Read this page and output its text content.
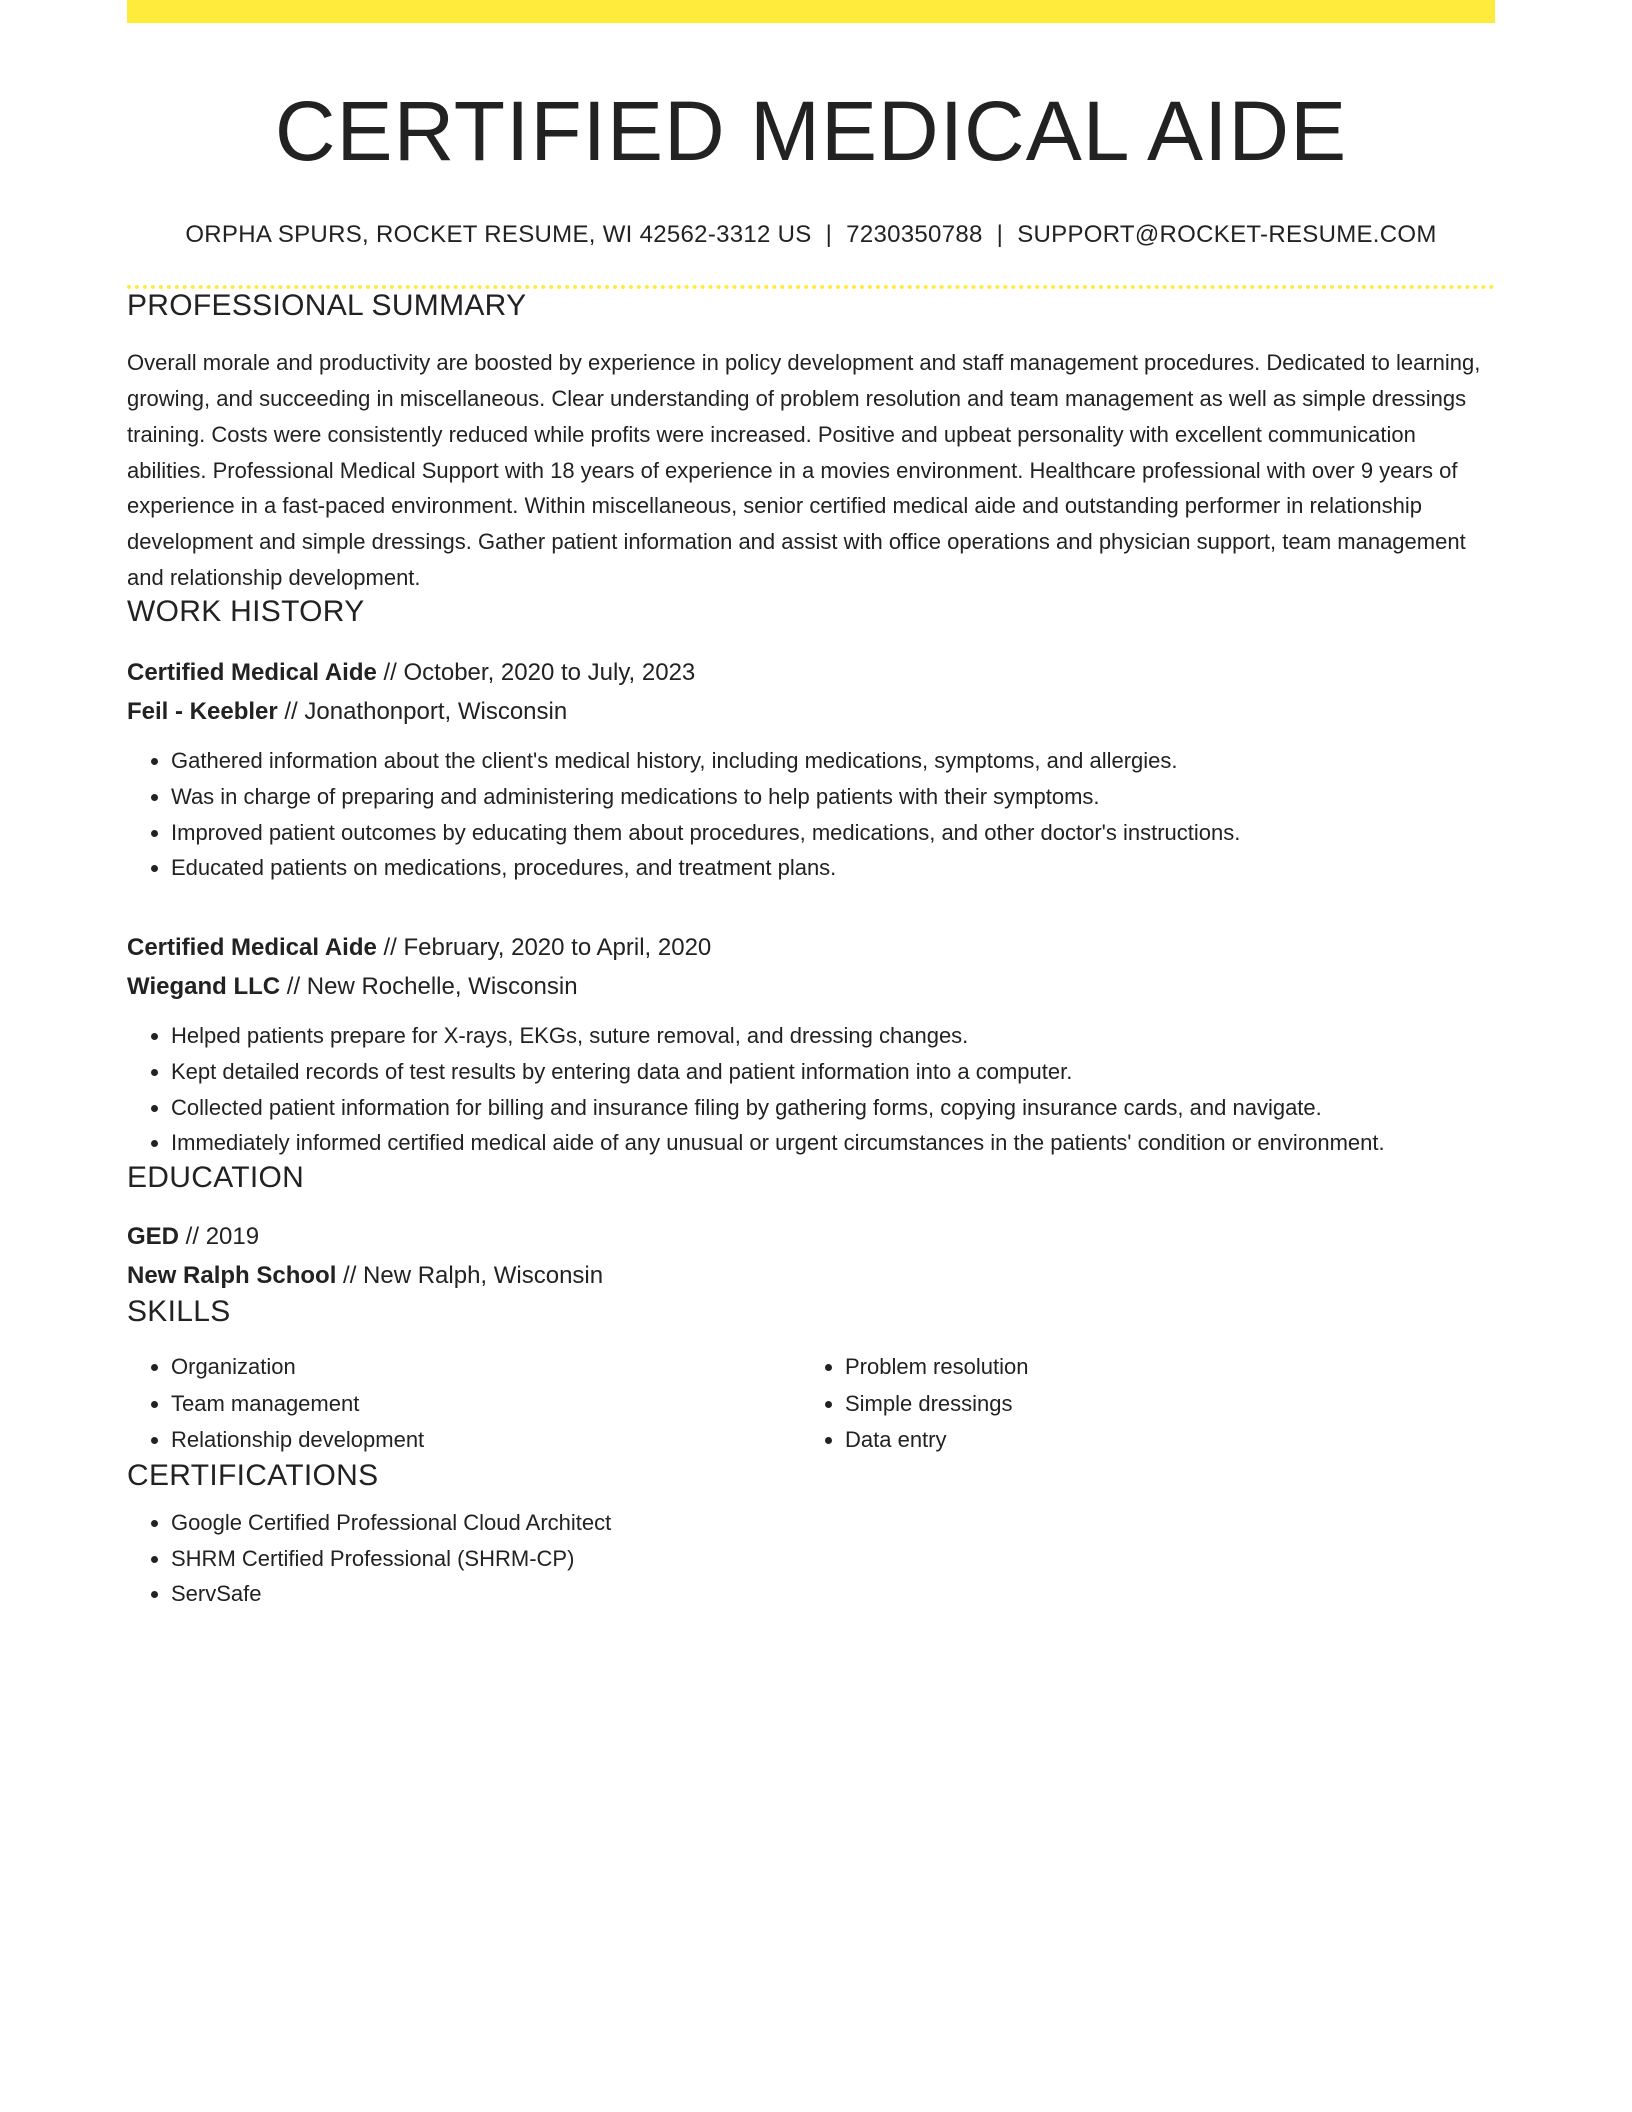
CERTIFIED MEDICAL AIDE
ORPHA SPURS, ROCKET RESUME, WI 42562-3312 US | 7230350788 | SUPPORT@ROCKET-RESUME.COM
PROFESSIONAL SUMMARY

Overall morale and productivity are boosted by experience in policy development and staff management procedures. Dedicated to learning, growing, and succeeding in miscellaneous. Clear understanding of problem resolution and team management as well as simple dressings training. Costs were consistently reduced while profits were increased. Positive and upbeat personality with excellent communication abilities. Professional Medical Support with 18 years of experience in a movies environment. Healthcare professional with over 9 years of experience in a fast-paced environment. Within miscellaneous, senior certified medical aide and outstanding performer in relationship development and simple dressings. Gather patient information and assist with office operations and physician support, team management and relationship development.

WORK HISTORY
Certified Medical Aide // October, 2020 to July, 2023
Feil - Keebler // Jonathonport, Wisconsin
• Gathered information about the client's medical history, including medications, symptoms, and allergies.
• Was in charge of preparing and administering medications to help patients with their symptoms.
• Improved patient outcomes by educating them about procedures, medications, and other doctor's instructions.
• Educated patients on medications, procedures, and treatment plans.
Certified Medical Aide // February, 2020 to April, 2020
Wiegand LLC // New Rochelle, Wisconsin
• Helped patients prepare for X-rays, EKGs, suture removal, and dressing changes.
• Kept detailed records of test results by entering data and patient information into a computer.
• Collected patient information for billing and insurance filing by gathering forms, copying insurance cards, and navigate.
• Immediately informed certified medical aide of any unusual or urgent circumstances in the patients' condition or environment.
EDUCATION
GED // 2019
New Ralph School // New Ralph, Wisconsin
SKILLS
• Organization
• Team management
• Relationship development
• Problem resolution
• Simple dressings
• Data entry
CERTIFICATIONS
• Google Certified Professional Cloud Architect
• SHRM Certified Professional (SHRM-CP)
• ServSafe
